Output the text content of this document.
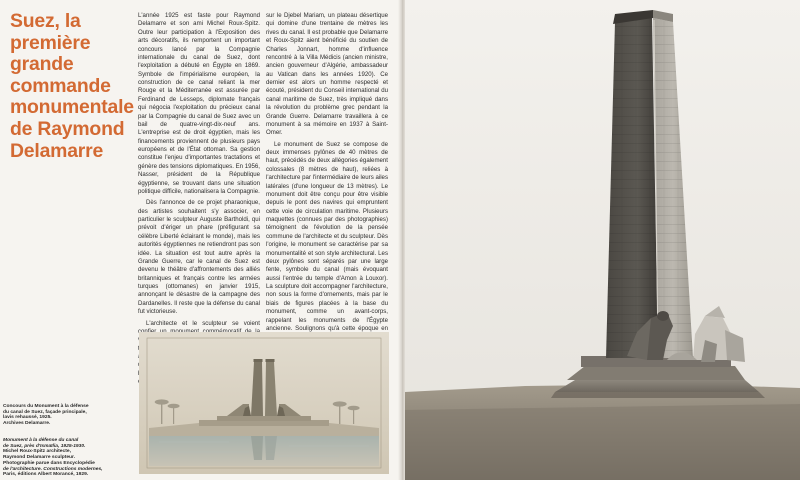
Suez, la première grande commande monumentale de Raymond Delamarre

L'année 1925 est faste pour Raymond Delamarre et son ami Michel Roux-Spitz. Outre leur participation à l'Exposition des arts décoratifs, ils remportent un important concours lancé par la Compagnie internationale du canal de Suez, dont l'exploitation a débuté en Égypte en 1869. Symbole de l'impérialisme européen, la construction de ce canal reliant la mer Rouge et la Méditerranée est assurée par Ferdinand de Lesseps, diplomate français qui négocia l'exploitation du précieux canal par la Compagnie du canal de Suez avec un bail de quatre-vingt-dix-neuf ans. L'entreprise est de droit égyptien, mais les financements proviennent de plusieurs pays européens et de l'État ottoman. Sa gestion constitue l'enjeu d'importantes tractations et génère des tensions diplomatiques. En 1956, Nasser, président de la République égyptienne, se trouvant dans une situation politique difficile, nationalisera la Compagnie.

Dès l'annonce de ce projet pharaonique, des artistes souhaitent s'y associer, en particulier le sculpteur Auguste Bartholdi, qui prévoit d'ériger un phare (préfigurant sa célèbre Liberté éclairant le monde), mais les autorités égyptiennes ne retiendront pas son idée. La situation est tout autre après la Grande Guerre, car le canal de Suez est devenu le théâtre d'affrontements des alliés britanniques et français contre les armées turques (ottomanes) en janvier 1915, annonçant le désastre de la campagne des Dardanelles. Il reste que la défense du canal fut victorieuse.

L'architecte et le sculpteur se voient

sur le Djebel Mariam, un plateau désertique qui domine d'une trentaine de mètres les rives du canal. Il est probable que Delamarre et Roux-Spitz aient bénéficié du soutien de Charles Jonnart, homme d'influence rencontré à la Villa Médicis (ancien ministre, ancien gouverneur d'Algérie, ambassadeur au Vatican dans les années 1920). Ce dernier est alors un homme respecté et écouté, président du Conseil international du canal maritime de Suez, très impliqué dans la révolution du problème grec pendant la Grande Guerre. Delamarre travaillera à ce monument à sa mémoire en 1937 à Saint-Omer.

Le monument de Suez se compose de deux immenses pylônes de 40 mètres de haut, précédés de deux allégories également colossales (8 mètres de haut), reliées à l'architecture par l'intermédiaire de leurs ailes latérales (d'une longueur de 13 mètres). Le monument doit être conçu pour être visible depuis le pont des navires qui empruntent cette voie de circulation maritime. Plusieurs maquettes (connues par des photographies) témoignent de l'évolution de la pensée commune de l'architecte et du sculpteur. Dès l'origine, le monument se caractérise par sa monumentalité et son style architectural. Les deux pylônes sont séparés par une large fente, symbole du canal (mais évoquant aussi l'entrée du temple d'Amon à Louxor). La sculpture doit accompagner l'architecture, non sous la forme d'ornements, mais par le biais de figures placées à la base du monument, comme un avant-corps, rappelant les monuments de l'Égypte ancienne. Soulignons qu'à cette époque en

Concours du Monument à la défense
du canal de Suez, façade principale,
lavis rehaussé, 1925.
Archives Delamarre.
Monument à la défense du canal
de Suez, près d'Ismaïlia, 1925-1930.
Michel Roux-Spitz architecte,
Raymond Delamarre sculpteur.
Photographie parue dans Encyclopédie
de l'architecture. Constructions modernes,
Paris, éditions Albert Morancé, 1929.
